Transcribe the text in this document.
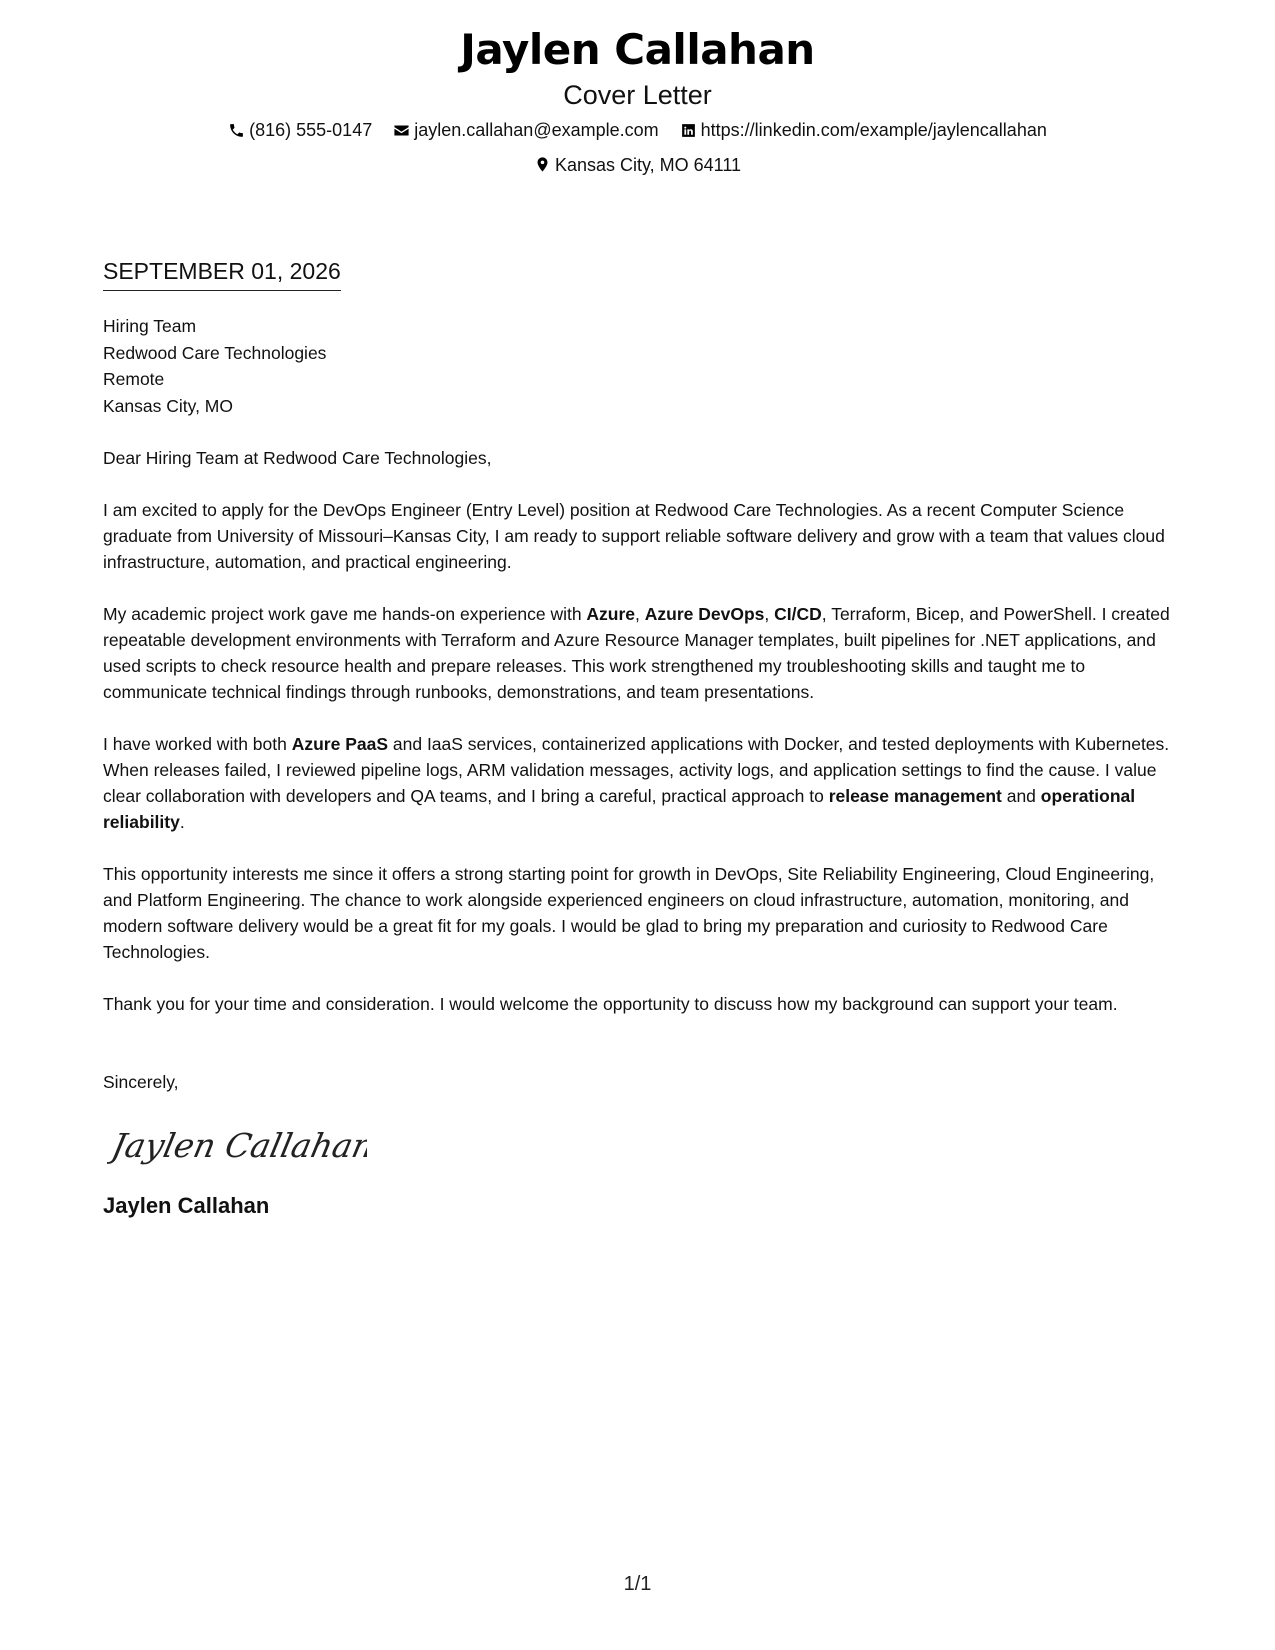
Jaylen Callahan
Cover Letter
(816) 555-0147
jaylen.callahan@example.com
https://linkedin.com/example/jaylencallahan
Kansas City, MO 64111
SEPTEMBER 01, 2026
Hiring Team
Redwood Care Technologies
Remote
Kansas City, MO
Dear Hiring Team at Redwood Care Technologies,

I am excited to apply for the DevOps Engineer (Entry Level) position at Redwood Care Technologies. As a recent Computer Science graduate from University of Missouri–Kansas City, I am ready to support reliable software delivery and grow with a team that values cloud infrastructure, automation, and practical engineering.

My academic project work gave me hands-on experience with Azure, Azure DevOps, CI/CD, Terraform, Bicep, and PowerShell. I created repeatable development environments with Terraform and Azure Resource Manager templates, built pipelines for .NET applications, and used scripts to check resource health and prepare releases. This work strengthened my troubleshooting skills and taught me to communicate technical findings through runbooks, demonstrations, and team presentations.

I have worked with both Azure PaaS and IaaS services, containerized applications with Docker, and tested deployments with Kubernetes. When releases failed, I reviewed pipeline logs, ARM validation messages, activity logs, and application settings to find the cause. I value clear collaboration with developers and QA teams, and I bring a careful, practical approach to release management and operational reliability.

This opportunity interests me since it offers a strong starting point for growth in DevOps, Site Reliability Engineering, Cloud Engineering, and Platform Engineering. The chance to work alongside experienced engineers on cloud infrastructure, automation, monitoring, and modern software delivery would be a great fit for my goals. I would be glad to bring my preparation and curiosity to Redwood Care Technologies.

Thank you for your time and consideration. I would welcome the opportunity to discuss how my background can support your team.

Sincerely,
Jaylen Callahan
Jaylen Callahan
1/1
